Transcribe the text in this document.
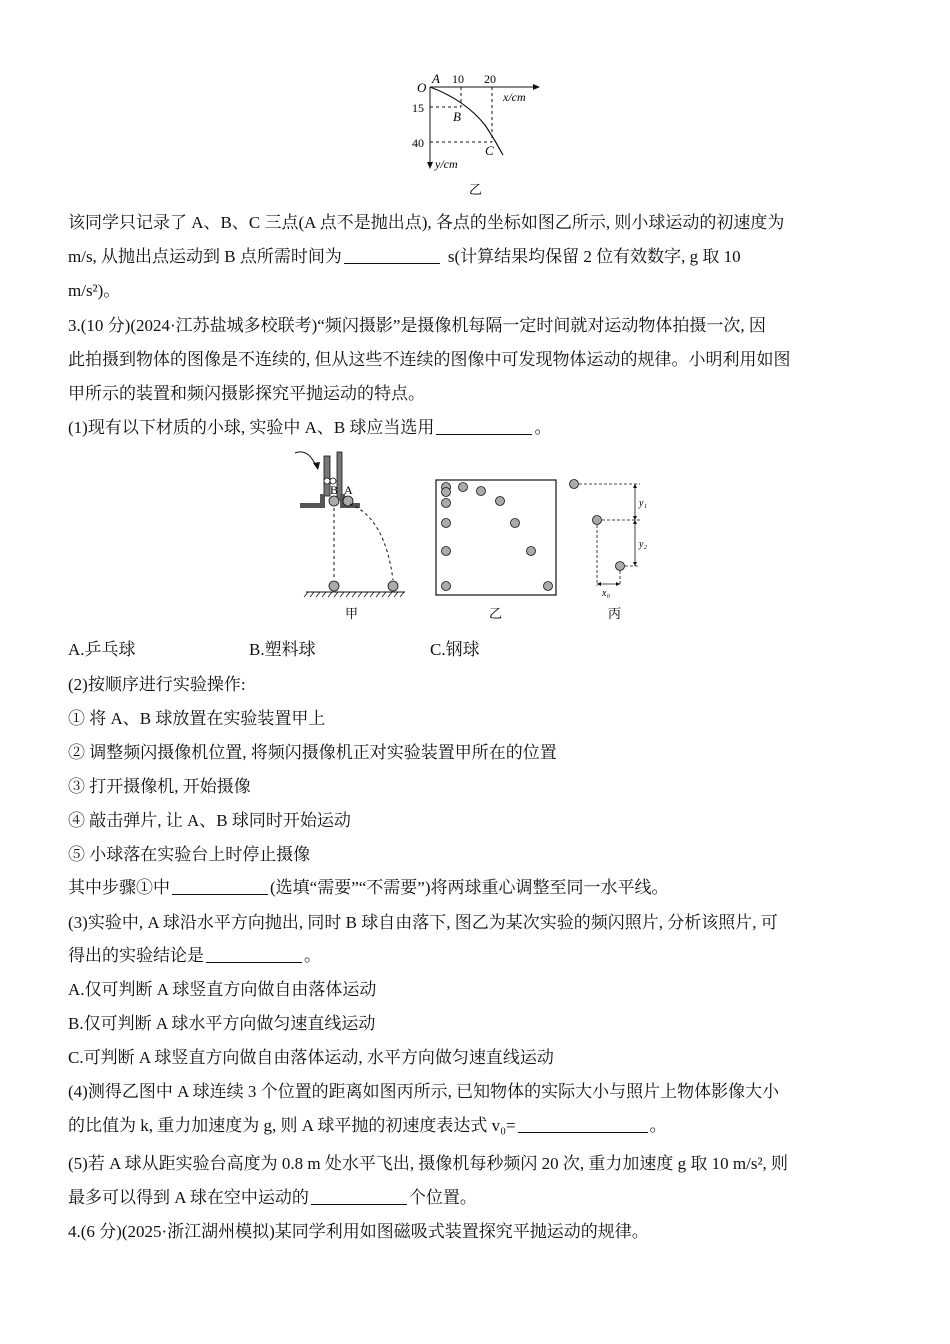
O
A
B
C
10 20
x/cm
15
40
y/cm
乙
该同学只记录了 A、B、C 三点(A 点不是抛出点), 各点的坐标如图乙所示, 则小球运动的初速度为
m/s, 从抛出点运动到 B 点所需时间为	s(计算结果均保留 2 位有效数字, g 取 10
m/s²)。
3.(10 分)(2024·江苏盐城多校联考)“频闪摄影”是摄像机每隔一定时间就对运动物体拍摄一次, 因
此拍摄到物体的图像是不连续的, 但从这些不连续的图像中可发现物体运动的规律。小明利用如图
甲所示的装置和频闪摄影探究平抛运动的特点。
(1)现有以下材质的小球, 实验中 A、B 球应当选用	。
B A
甲	乙
y₁
y₂
x₀
丙
A.乒乓球	B.塑料球	C.钢球
(2)按顺序进行实验操作:
① 将 A、B 球放置在实验装置甲上
② 调整频闪摄像机位置, 将频闪摄像机正对实验装置甲所在的位置
③ 打开摄像机, 开始摄像
④ 敲击弹片, 让 A、B 球同时开始运动
⑤ 小球落在实验台上时停止摄像
其中步骤①中	(选填“需要”“不需要”)将两球重心调整至同一水平线。
(3)实验中, A 球沿水平方向抛出, 同时 B 球自由落下, 图乙为某次实验的频闪照片, 分析该照片, 可
得出的实验结论是	。
A.仅可判断 A 球竖直方向做自由落体运动
B.仅可判断 A 球水平方向做匀速直线运动
C.可判断 A 球竖直方向做自由落体运动, 水平方向做匀速直线运动
(4)测得乙图中 A 球连续 3 个位置的距离如图丙所示, 已知物体的实际大小与照片上物体影像大小
的比值为 k, 重力加速度为 g, 则 A 球平抛的初速度表达式 v₀=	。
(5)若 A 球从距实验台高度为 0.8 m 处水平飞出, 摄像机每秒频闪 20 次, 重力加速度 g 取 10 m/s², 则
最多可以得到 A 球在空中运动的	个位置。
4.(6 分)(2025·浙江湖州模拟)某同学利用如图磁吸式装置探究平抛运动的规律。
